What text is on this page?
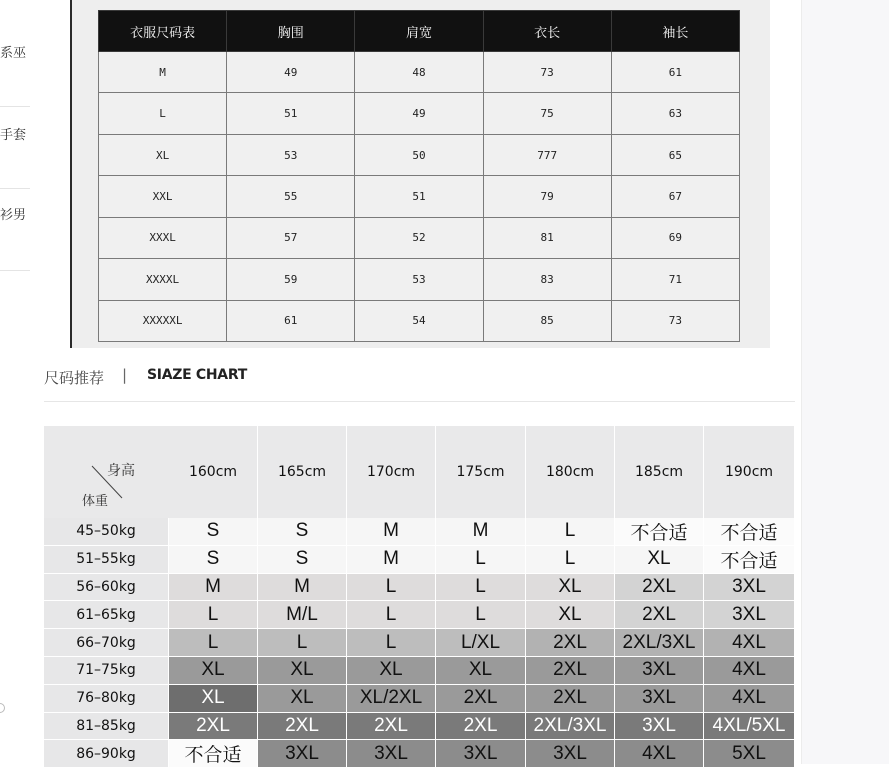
系巫
手套
衫男
衣服尺码表	胸围	肩宽	衣长	袖长
M	49	48	73	61
L	51	49	75	63
XL	53	50	777	65
XXL	55	51	79	67
XXXL	57	52	81	69
XXXXL	59	53	83	71
XXXXXL	61	54	85	73
尺码推荐 | SIAZE CHART
身高
体重
160cm	165cm	170cm	175cm	180cm	185cm	190cm
45–50kg	S	S	M	M	L	不合适	不合适
51–55kg	S	S	M	L	L	XL	不合适
56–60kg	M	M	L	L	XL	2XL	3XL
61–65kg	L	M/L	L	L	XL	2XL	3XL
66–70kg	L	L	L	L/XL	2XL	2XL/3XL	4XL
71–75kg	XL	XL	XL	XL	2XL	3XL	4XL
76–80kg	XL	XL	XL/2XL	2XL	2XL	3XL	4XL
81–85kg	2XL	2XL	2XL	2XL	2XL/3XL	3XL	4XL/5XL
86–90kg	不合适	3XL	3XL	3XL	3XL	4XL	5XL
